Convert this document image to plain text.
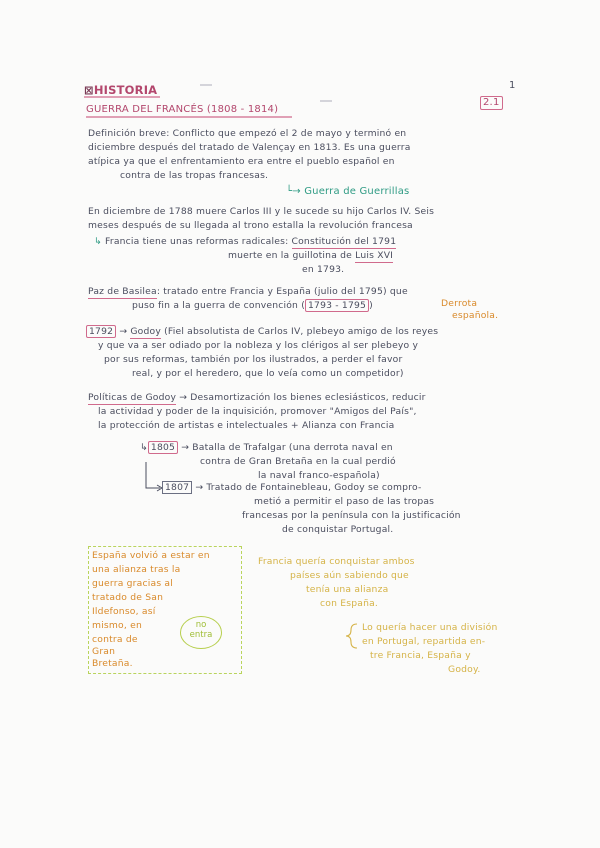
⊠HISTORIA
GUERRA DEL FRANCÉS (1808 - 1814)
2.1
1
Definición breve: Conflicto que empezó el 2 de mayo y terminó en
diciembre después del tratado de Valençay en 1813. Es una guerra
atípica ya que el enfrentamiento era entre el pueblo español en
contra de las tropas francesas.
└→ Guerra de Guerrillas
En diciembre de 1788 muere Carlos III y le sucede su hijo Carlos IV. Seis
meses después de su llegada al trono estalla la revolución francesa
↳ Francia tiene unas reformas radicales: Constitución del 1791
muerte en la guillotina de Luis XVI
en 1793.
Paz de Basilea: tratado entre Francia y España (julio del 1795) que
puso fin a la guerra de convención ( 1793 - 1795 )	Derrota
española.
1792 → Godoy (Fiel absolutista de Carlos IV, plebeyo amigo de los reyes
y que va a ser odiado por la nobleza y los clérigos al ser plebeyo y
por sus reformas, también por los ilustrados, a perder el favor
real, y por el heredero, que lo veía como un competidor)
Políticas de Godoy → Desamortización los bienes eclesiásticos, reducir
la actividad y poder de la inquisición, promover "Amigos del País",
la protección de artistas e intelectuales + Alianza con Francia
↳ 1805 → Batalla de Trafalgar (una derrota naval en
contra de Gran Bretaña en la cual perdió
la naval franco-española)
1807 → Tratado de Fontainebleau, Godoy se compro-
metió a permitir el paso de las tropas
francesas por la península con la justificación
de conquistar Portugal.
España volvió a estar en
una alianza tras la
guerra gracias al
tratado de San
Ildefonso, así
mismo, en
contra de
Gran
Bretaña.
no
entra
Francia quería conquistar ambos
países aún sabiendo que
tenía una alianza
con España.
Lo quería hacer una división
en Portugal, repartida en-
tre Francia, España y
Godoy.
